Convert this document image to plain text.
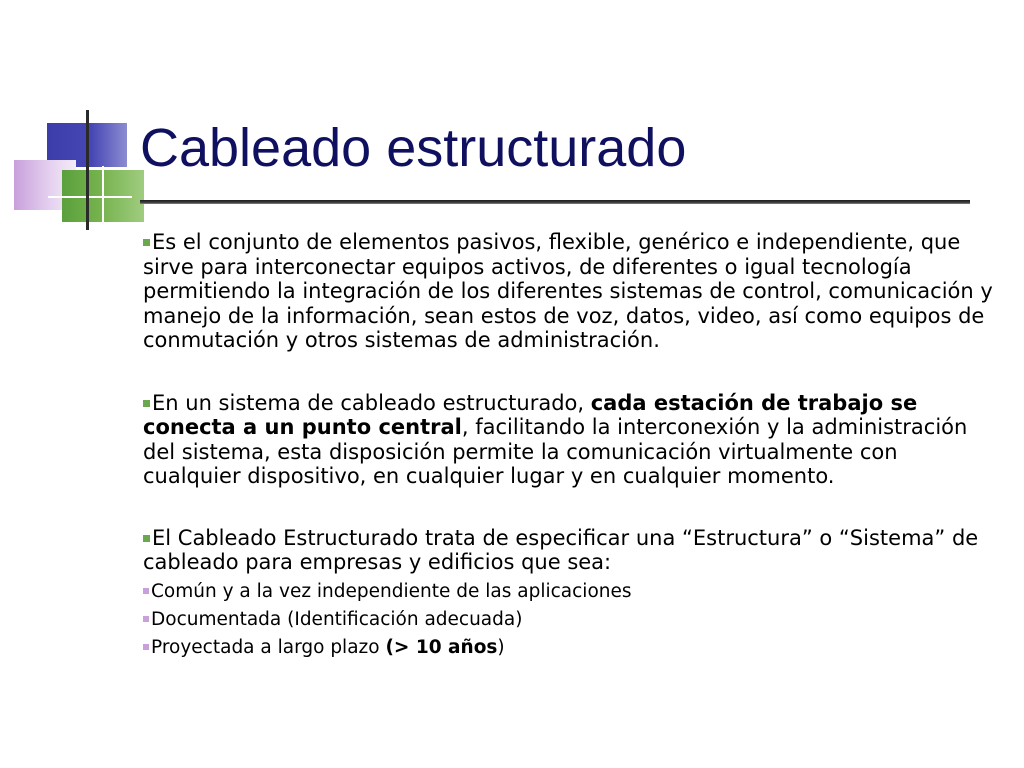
Cableado estructurado

Es el conjunto de elementos pasivos, flexible, genérico e independiente, que sirve para interconectar equipos activos, de diferentes o igual tecnología permitiendo la integración de los diferentes sistemas de control, comunicación y manejo de la información, sean estos de voz, datos, video, así como equipos de conmutación y otros sistemas de administración.

En un sistema de cableado estructurado, cada estación de trabajo se conecta a un punto central, facilitando la interconexión y la administración del sistema, esta disposición permite la comunicación virtualmente con cualquier dispositivo, en cualquier lugar y en cualquier momento.

El Cableado Estructurado trata de especificar una “Estructura” o “Sistema” de cableado para empresas y edificios que sea:

Común y a la vez independiente de las aplicaciones

Documentada (Identificación adecuada)

Proyectada a largo plazo (> 10 años)
